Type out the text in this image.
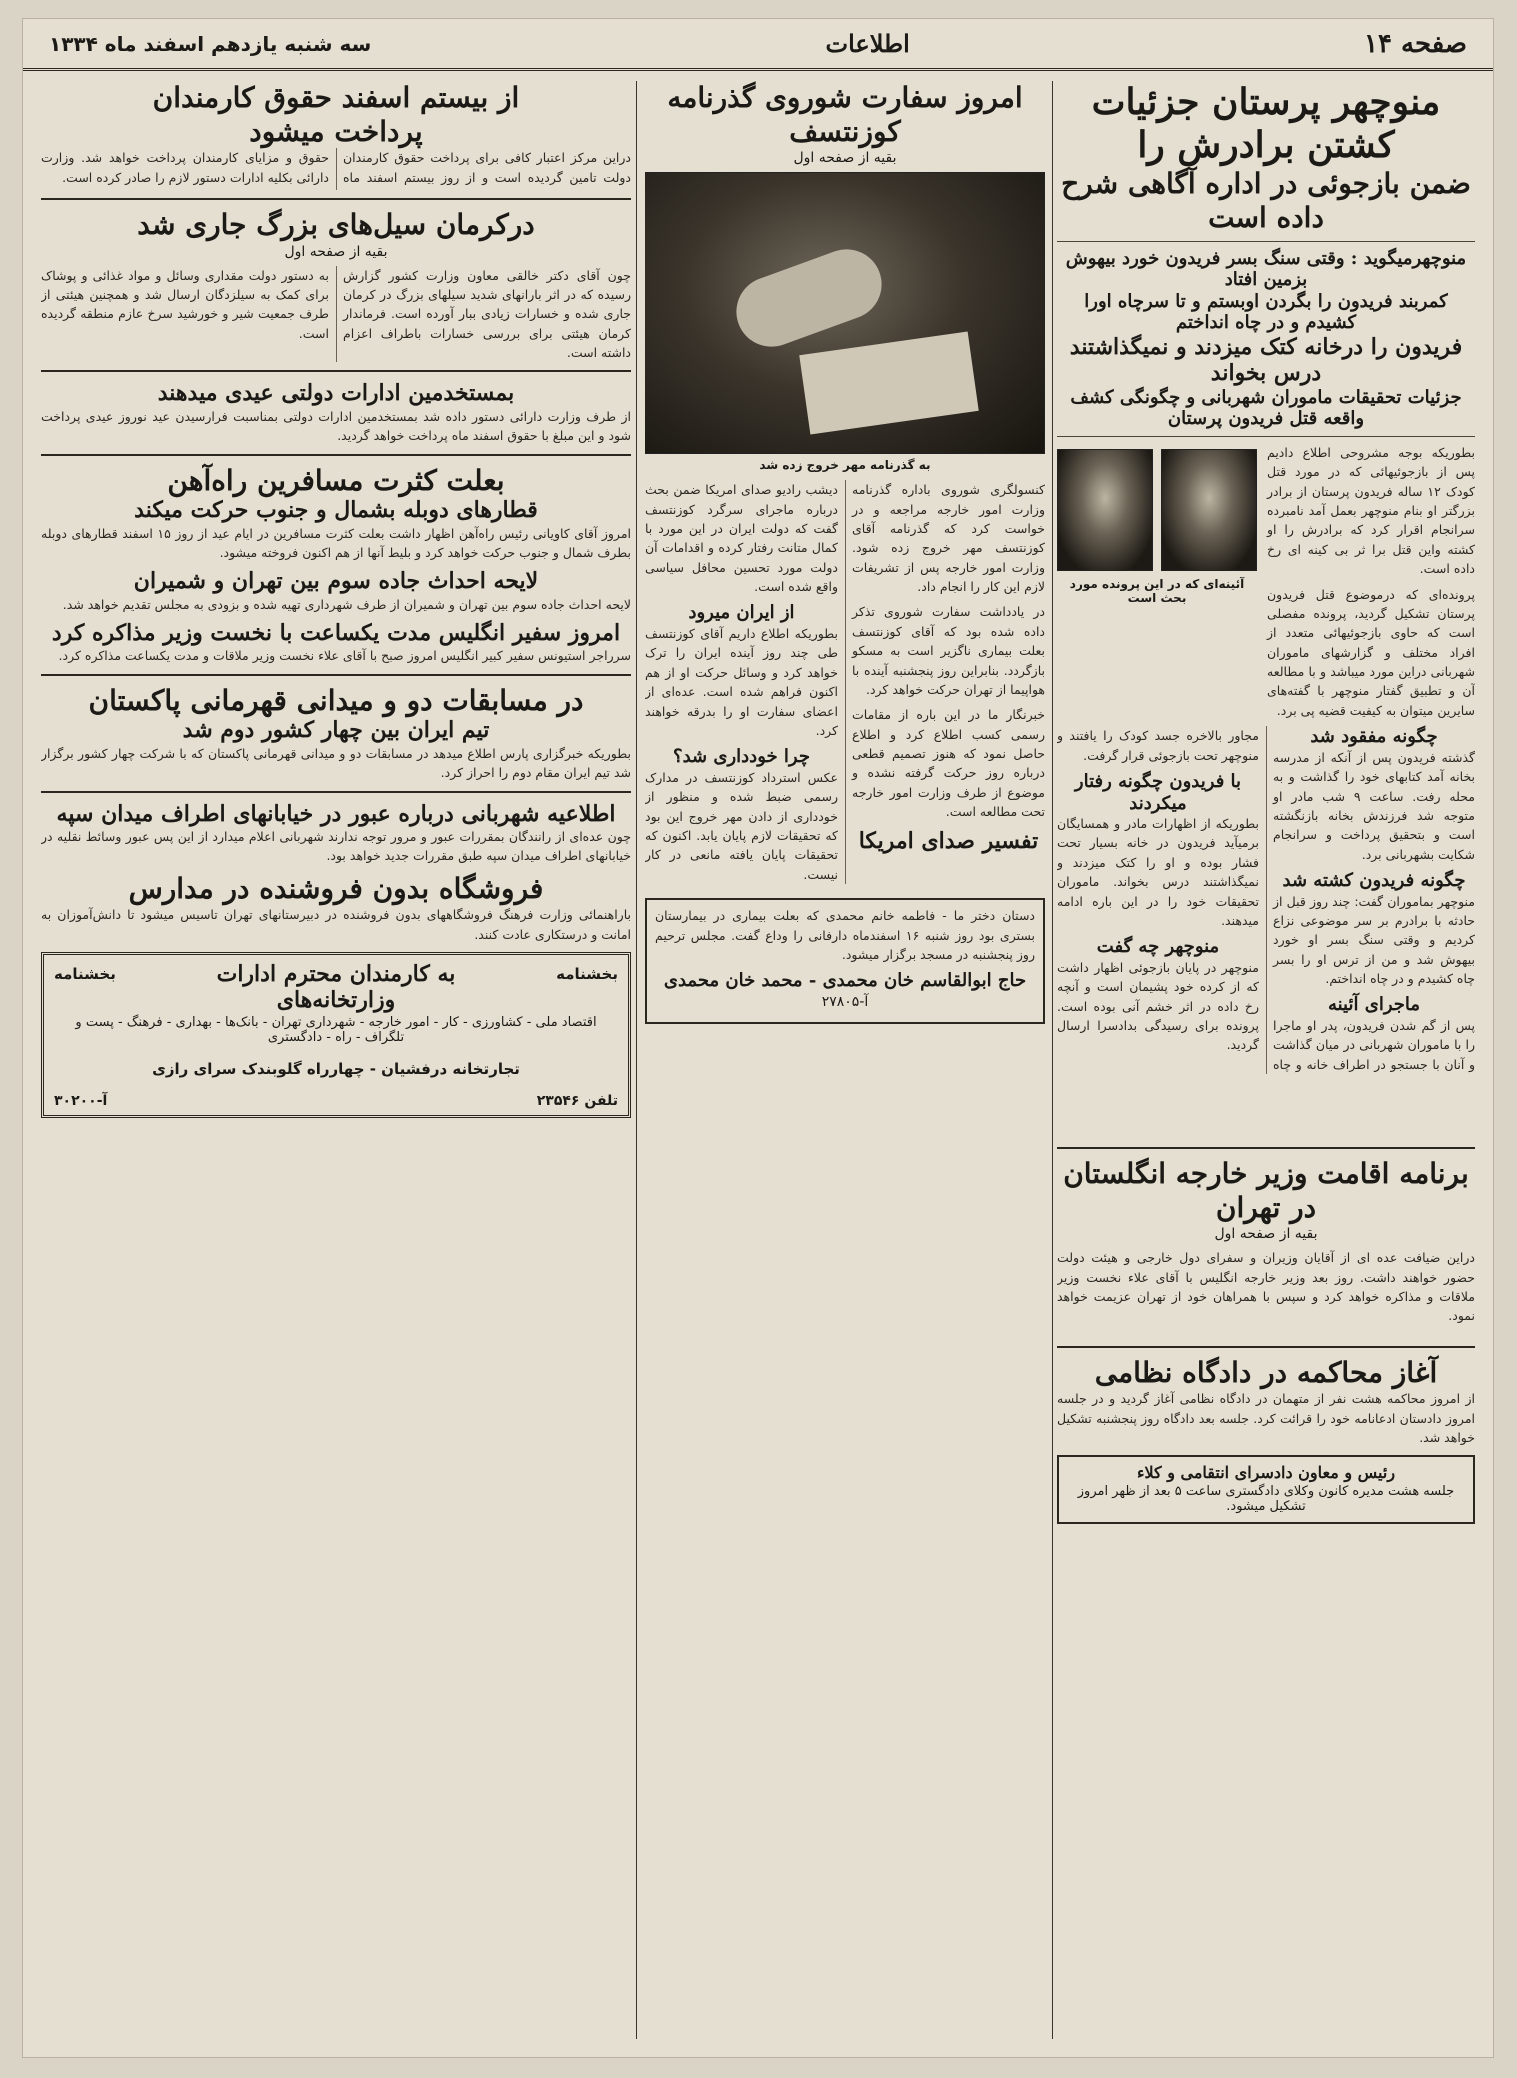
صفحه ۱۴
اطلاعات
سه شنبه یازدهم اسفند ماه ۱۳۳۴
منوچهر پرستان جزئیات کشتن برادرش را
ضمن بازجوئی در اداره آگاهی شرح داده است

منوچهرمیگوید : وقتی سنگ بسر فریدون خورد بیهوش بزمین افتاد

کمربند فریدون را بگردن اوبستم و تا سرچاه اورا کشیدم و در چاه انداختم

فریدون را درخانه کتک میزدند و نمیگذاشتند درس بخواند

جزئیات تحقیقات ماموران شهربانی و چگونگی کشف واقعه قتل فریدون پرستان

بطوریکه بوجه مشروحی اطلاع دادیم پس از بازجوئیهائی که در مورد قتل کودک ۱۲ ساله فریدون پرستان از برادر بزرگتر او بنام منوچهر بعمل آمد نامبرده سرانجام اقرار کرد که برادرش را او کشته واین قتل برا ثر بی کینه ای رخ داده است.

پرونده‌ای که درموضوع قتل فریدون پرستان تشکیل گردید، پرونده مفصلی است که حاوی بازجوئیهائی متعدد از افراد مختلف و گزارشهای ماموران شهربانی دراین مورد میباشد و با مطالعه آن و تطبیق گفتار منوچهر با گفته‌های سایرین میتوان به کیفیت قضیه پی برد.

آئینه‌ای که در این پرونده مورد بحث است

چگونه مفقود شد

گذشته فریدون پس از آنکه از مدرسه بخانه آمد کتابهای خود را گذاشت و به محله رفت. ساعت ۹ شب مادر او متوجه شد فرزندش بخانه بازنگشته است و بتحقیق پرداخت و سرانجام شکایت بشهربانی برد.

چگونه فریدون کشته شد

منوچهر بماموران گفت: چند روز قبل از حادثه با برادرم بر سر موضوعی نزاع کردیم و وقتی سنگ بسر او خورد بیهوش شد و من از ترس او را بسر چاه کشیدم و در چاه انداختم.

ماجرای آئینه

پس از گم شدن فریدون، پدر او ماجرا را با ماموران شهربانی در میان گذاشت و آنان با جستجو در اطراف خانه و چاه مجاور بالاخره جسد کودک را یافتند و منوچهر تحت بازجوئی قرار گرفت.

با فریدون چگونه رفتار میکردند

بطوریکه از اظهارات مادر و همسایگان برمیآید فریدون در خانه بسیار تحت فشار بوده و او را کتک میزدند و نمیگذاشتند درس بخواند. ماموران تحقیقات خود را در این باره ادامه میدهند.

منوچهر چه گفت

منوچهر در پایان بازجوئی اظهار داشت که از کرده خود پشیمان است و آنچه رخ داده در اثر خشم آنی بوده است. پرونده برای رسیدگی بدادسرا ارسال گردید.

برنامه اقامت وزیر خارجه انگلستان در تهران

بقیه از صفحه اول

دراین ضیافت عده ای از آقایان وزیران و سفرای دول خارجی و هیئت دولت حضور خواهند داشت. روز بعد وزیر خارجه انگلیس با آقای علاء نخست وزیر ملاقات و مذاکره خواهد کرد و سپس با همراهان خود از تهران عزیمت خواهد نمود.

آغاز محاکمه در دادگاه نظامی

از امروز محاکمه هشت نفر از متهمان در دادگاه نظامی آغاز گردید و در جلسه امروز دادستان ادعانامه خود را قرائت کرد. جلسه بعد دادگاه روز پنجشنبه تشکیل خواهد شد.

رئیس و معاون دادسرای انتقامی و کلاء
جلسه هشت مدیره کانون وکلای دادگستری ساعت ۵ بعد از ظهر امروز تشکیل میشود.
امروز سفارت شوروی گذرنامه کوزنتسف

بقیه از صفحه اول

به گذرنامه مهر خروج زده شد

کنسولگری شوروی باداره گذرنامه وزارت امور خارجه مراجعه و در خواست کرد که گذرنامه آقای کوزنتسف مهر خروج زده شود. وزارت امور خارجه پس از تشریفات لازم این کار را انجام داد.

در یادداشت سفارت شوروی تذکر داده شده بود که آقای کوزنتسف بعلت بیماری ناگزیر است به مسکو بازگردد. بنابراین روز پنجشنبه آینده با هواپیما از تهران حرکت خواهد کرد.

خبرنگار ما در این باره از مقامات رسمی کسب اطلاع کرد و اطلاع حاصل نمود که هنوز تصمیم قطعی درباره روز حرکت گرفته نشده و موضوع از طرف وزارت امور خارجه تحت مطالعه است.

تفسیر صدای امریکا

دیشب رادیو صدای امریکا ضمن بحث درباره ماجرای سرگرد کوزنتسف گفت که دولت ایران در این مورد با کمال متانت رفتار کرده و اقدامات آن دولت مورد تحسین محافل سیاسی واقع شده است.

از ایران میرود

بطوریکه اطلاع داریم آقای کوزنتسف طی چند روز آینده ایران را ترک خواهد کرد و وسائل حرکت او از هم اکنون فراهم شده است. عده‌ای از اعضای سفارت او را بدرقه خواهند کرد.

چرا خودداری شد؟

عکس استرداد کوزنتسف در مدارک رسمی ضبط شده و منظور از خودداری از دادن مهر خروج این بود که تحقیقات لازم پایان یابد. اکنون که تحقیقات پایان یافته مانعی در کار نیست.

دستان دختر ما - فاطمه خانم محمدی که بعلت بیماری در بیمارستان بستری بود روز شنبه ۱۶ اسفندماه دارفانی را وداع گفت. مجلس ترحیم روز پنجشنبه در مسجد برگزار میشود.

حاج ابوالقاسم خان محمدی - محمد خان محمدی

آ-۲۷۸۰۵

از بیستم اسفند حقوق کارمندان
پرداخت میشود

دراین مرکز اعتبار کافی برای پرداخت حقوق کارمندان دولت تامین گردیده است و از روز بیستم اسفند ماه حقوق و مزایای کارمندان پرداخت خواهد شد. وزارت دارائی بکلیه ادارات دستور لازم را صادر کرده است.

درکرمان سیل‌های بزرگ جاری شد

بقیه از صفحه اول

چون آقای دکتر خالقی معاون وزارت کشور گزارش رسیده که در اثر بارانهای شدید سیلهای بزرگ در کرمان جاری شده و خسارات زیادی ببار آورده است. فرماندار کرمان هیئتی برای بررسی خسارات باطراف اعزام داشته است.

به دستور دولت مقداری وسائل و مواد غذائی و پوشاک برای کمک به سیلزدگان ارسال شد و همچنین هیئتی از طرف جمعیت شیر و خورشید سرخ عازم منطقه گردیده است.

بمستخدمین ادارات دولتی عیدی میدهند

از طرف وزارت دارائی دستور داده شد بمستخدمین ادارات دولتی بمناسبت فرارسیدن عید نوروز عیدی پرداخت شود و این مبلغ با حقوق اسفند ماه پرداخت خواهد گردید.

بعلت کثرت مسافرین راه‌آهن
قطارهای دوبله بشمال و جنوب حرکت میکند

امروز آقای کاویانی رئیس راه‌آهن اظهار داشت بعلت کثرت مسافرین در ایام عید از روز ۱۵ اسفند قطارهای دوبله بطرف شمال و جنوب حرکت خواهد کرد و بلیط آنها از هم اکنون فروخته میشود.

لایحه احداث جاده سوم بین تهران و شمیران

لایحه احداث جاده سوم بین تهران و شمیران از طرف شهرداری تهیه شده و بزودی به مجلس تقدیم خواهد شد.

امروز سفیر انگلیس مدت یکساعت با نخست وزیر مذاکره کرد

سرراجر استیونس سفیر کبیر انگلیس امروز صبح با آقای علاء نخست وزیر ملاقات و مدت یکساعت مذاکره کرد.

در مسابقات دو و میدانی قهرمانی پاکستان
تیم ایران بین چهار کشور دوم شد

بطوریکه خبرگزاری پارس اطلاع میدهد در مسابقات دو و میدانی قهرمانی پاکستان که با شرکت چهار کشور برگزار شد تیم ایران مقام دوم را احراز کرد.

اطلاعیه شهربانی درباره عبور در خیابانهای اطراف میدان سپه

چون عده‌ای از رانندگان بمقررات عبور و مرور توجه ندارند شهربانی اعلام میدارد از این پس عبور وسائط نقلیه در خیابانهای اطراف میدان سپه طبق مقررات جدید خواهد بود.

فروشگاه بدون فروشنده در مدارس

باراهنمائی وزارت فرهنگ فروشگاههای بدون فروشنده در دبیرستانهای تهران تاسیس میشود تا دانش‌آموزان به امانت و درستکاری عادت کنند.

بخشنامه
به کارمندان محترم ادارات
بخشنامه

وزارتخانه‌های

اقتصاد ملی - کشاورزی - کار - امور خارجه - شهرداری تهران - بانک‌ها - بهداری - فرهنگ - پست و تلگراف - راه - دادگستری

تجارتخانه درفشیان - چهارراه گلوبندک سرای رازی

تلفن ۲۳۵۴۶
آ-۳۰۲۰۰
